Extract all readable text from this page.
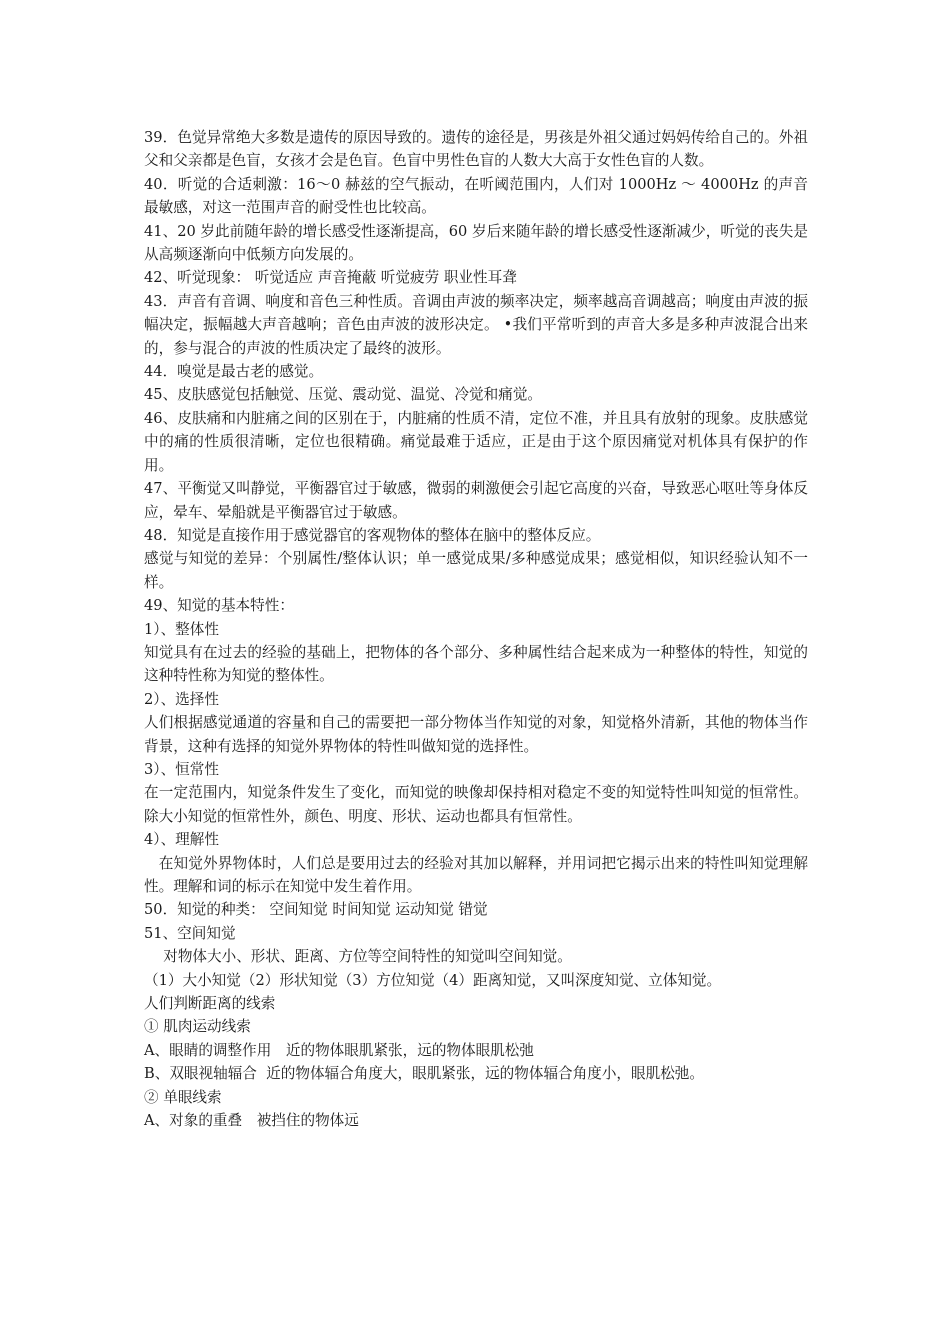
39．色觉异常绝大多数是遗传的原因导致的。遗传的途径是，男孩是外祖父通过妈妈传给自己的。外祖父和父亲都是色盲，女孩才会是色盲。色盲中男性色盲的人数大大高于女性色盲的人数。

40．听觉的合适刺激：16～0 赫兹的空气振动，在听阈范围内，人们对 1000Hz ～ 4000Hz 的声音最敏感，对这一范围声音的耐受性也比较高。

41、20 岁此前随年龄的增长感受性逐渐提高，60 岁后来随年龄的增长感受性逐渐减少，听觉的丧失是从高频逐渐向中低频方向发展的。

42、听觉现象： 听觉适应 声音掩蔽 听觉疲劳 职业性耳聋

43．声音有音调、响度和音色三种性质。音调由声波的频率决定，频率越高音调越高；响度由声波的振幅决定，振幅越大声音越响；音色由声波的波形决定。 •我们平常听到的声音大多是多种声波混合出来的，参与混合的声波的性质决定了最终的波形。

44．嗅觉是最古老的感觉。

45、皮肤感觉包括触觉、压觉、震动觉、温觉、冷觉和痛觉。

46、皮肤痛和内脏痛之间的区别在于，内脏痛的性质不清，定位不准，并且具有放射的现象。皮肤感觉中的痛的性质很清晰，定位也很精确。痛觉最难于适应，正是由于这个原因痛觉对机体具有保护的作用。

47、平衡觉又叫静觉，平衡器官过于敏感，微弱的刺激便会引起它高度的兴奋，导致恶心呕吐等身体反应，晕车、晕船就是平衡器官过于敏感。

48．知觉是直接作用于感觉器官的客观物体的整体在脑中的整体反应。

感觉与知觉的差异：个别属性/整体认识；单一感觉成果/多种感觉成果；感觉相似，知识经验认知不一样。

49、知觉的基本特性：

1）、整体性

知觉具有在过去的经验的基础上，把物体的各个部分、多种属性结合起来成为一种整体的特性，知觉的这种特性称为知觉的整体性。

2）、选择性

人们根据感觉通道的容量和自己的需要把一部分物体当作知觉的对象，知觉格外清新，其他的物体当作背景，这种有选择的知觉外界物体的特性叫做知觉的选择性。

3）、恒常性

在一定范围内，知觉条件发生了变化，而知觉的映像却保持相对稳定不变的知觉特性叫知觉的恒常性。除大小知觉的恒常性外，颜色、明度、形状、运动也都具有恒常性。

4）、理解性

　在知觉外界物体时，人们总是要用过去的经验对其加以解释，并用词把它揭示出来的特性叫知觉理解性。理解和词的标示在知觉中发生着作用。

50．知觉的种类： 空间知觉 时间知觉 运动知觉 错觉

51、空间知觉

　 对物体大小、形状、距离、方位等空间特性的知觉叫空间知觉。

（1）大小知觉（2）形状知觉（3）方位知觉（4）距离知觉，又叫深度知觉、立体知觉。

人们判断距离的线索

① 肌肉运动线索

A、眼睛的调整作用　近的物体眼肌紧张，远的物体眼肌松弛

B、双眼视轴辐合  近的物体辐合角度大，眼肌紧张，远的物体辐合角度小，眼肌松弛。

② 单眼线索

A、对象的重叠　被挡住的物体远
